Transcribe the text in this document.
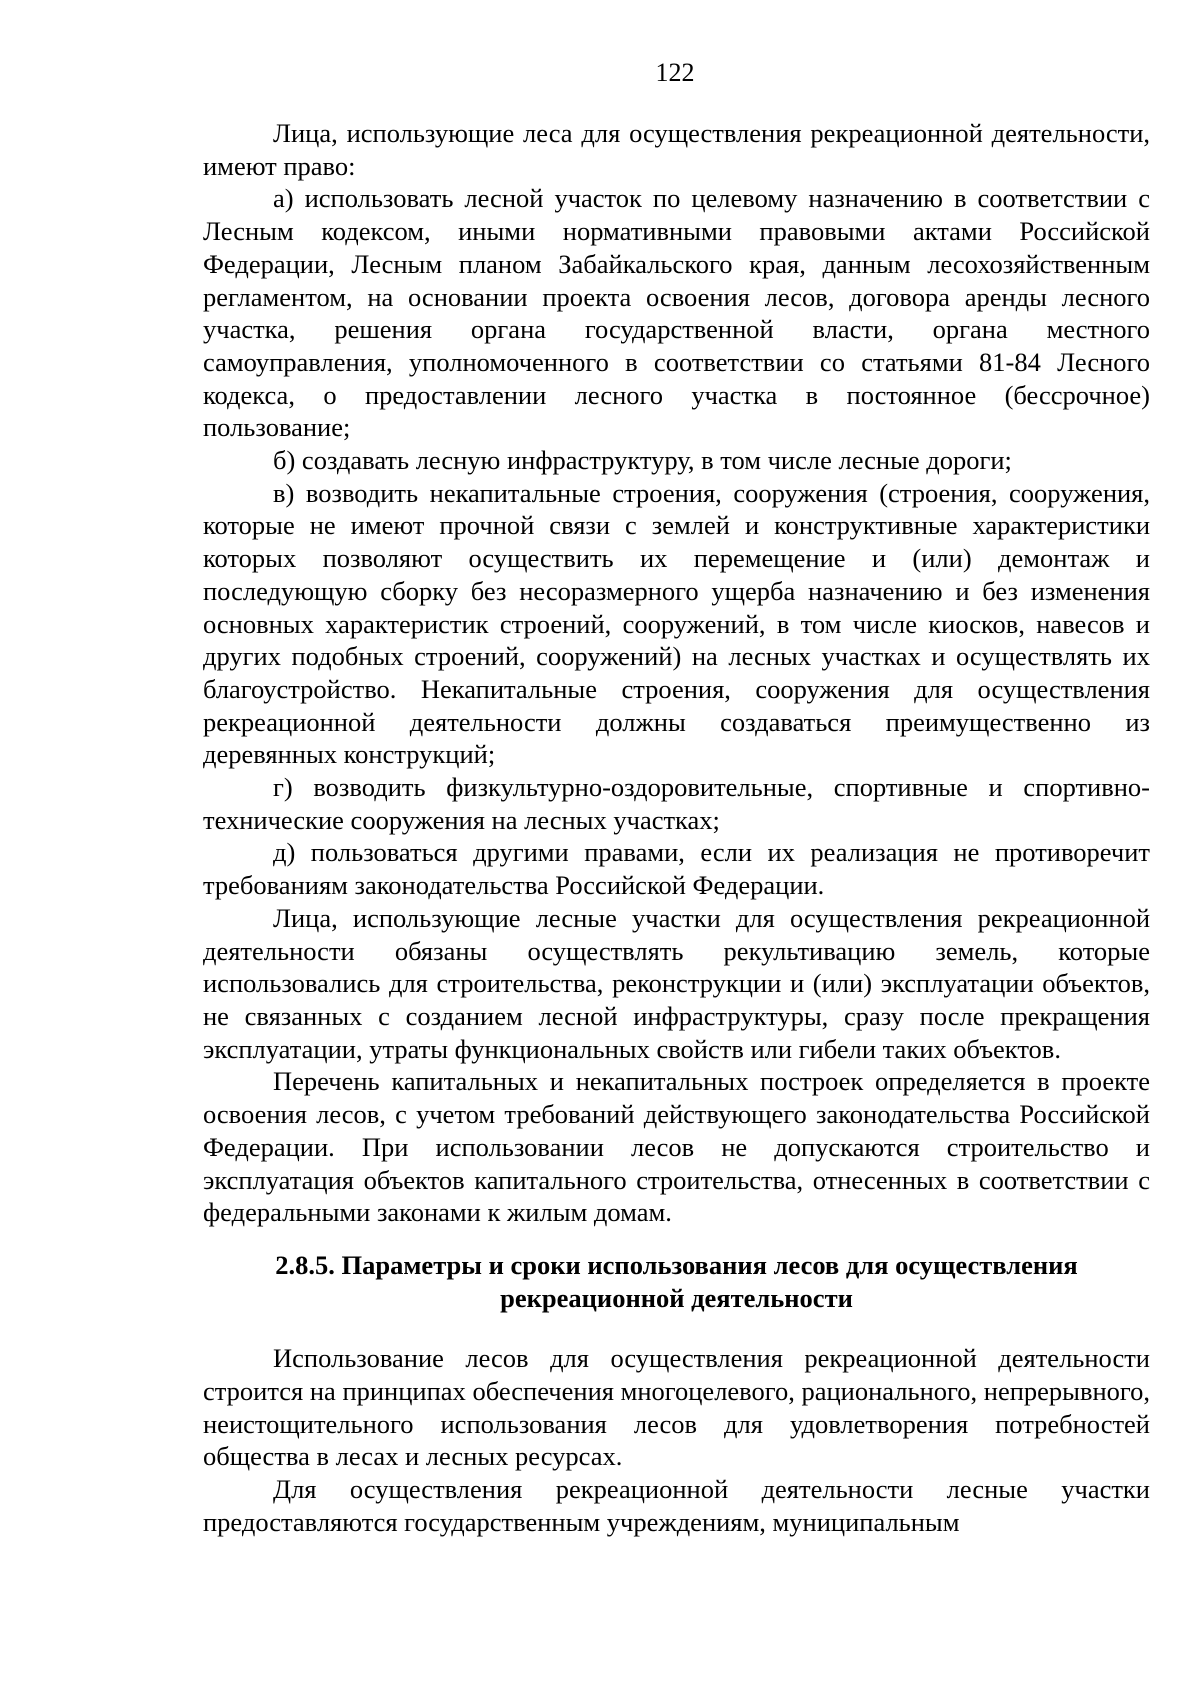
122

Лица, использующие леса для осуществления рекреационной деятельности, имеют право:

а) использовать лесной участок по целевому назначению в соответствии с Лесным кодексом, иными нормативными правовыми актами Российской Федерации, Лесным планом Забайкальского края, данным лесохозяйственным регламентом, на основании проекта освоения лесов, договора аренды лесного участка, решения органа государственной власти, органа местного самоуправления, уполномоченного в соответствии со статьями 81-84 Лесного кодекса, о предоставлении лесного участка в постоянное (бессрочное) пользование;

б) создавать лесную инфраструктуру, в том числе лесные дороги;

в) возводить некапитальные строения, сооружения (строения, сооружения, которые не имеют прочной связи с землей и конструктивные характеристики которых позволяют осуществить их перемещение и (или) демонтаж и последующую сборку без несоразмерного ущерба назначению и без изменения основных характеристик строений, сооружений, в том числе киосков, навесов и других подобных строений, сооружений) на лесных участках и осуществлять их благоустройство. Некапитальные строения, сооружения для осуществления рекреационной деятельности должны создаваться преимущественно из деревянных конструкций;

г) возводить физкультурно-оздоровительные, спортивные и спортивно-технические сооружения на лесных участках;

д) пользоваться другими правами, если их реализация не противоречит требованиям законодательства Российской Федерации.

Лица, использующие лесные участки для осуществления рекреационной деятельности обязаны осуществлять рекультивацию земель, которые использовались для строительства, реконструкции и (или) эксплуатации объектов, не связанных с созданием лесной инфраструктуры, сразу после прекращения эксплуатации, утраты функциональных свойств или гибели таких объектов.

Перечень капитальных и некапитальных построек определяется в проекте освоения лесов, с учетом требований действующего законодательства Российской Федерации. При использовании лесов не допускаются строительство и эксплуатация объектов капитального строительства, отнесенных в соответствии с федеральными законами к жилым домам.

2.8.5. Параметры и сроки использования лесов для осуществления
рекреационной деятельности

Использование лесов для осуществления рекреационной деятельности строится на принципах обеспечения многоцелевого, рационального, непрерывного, неистощительного использования лесов для удовлетворения потребностей общества в лесах и лесных ресурсах.

Для осуществления рекреационной деятельности лесные участки предоставляются государственным учреждениям, муниципальным
